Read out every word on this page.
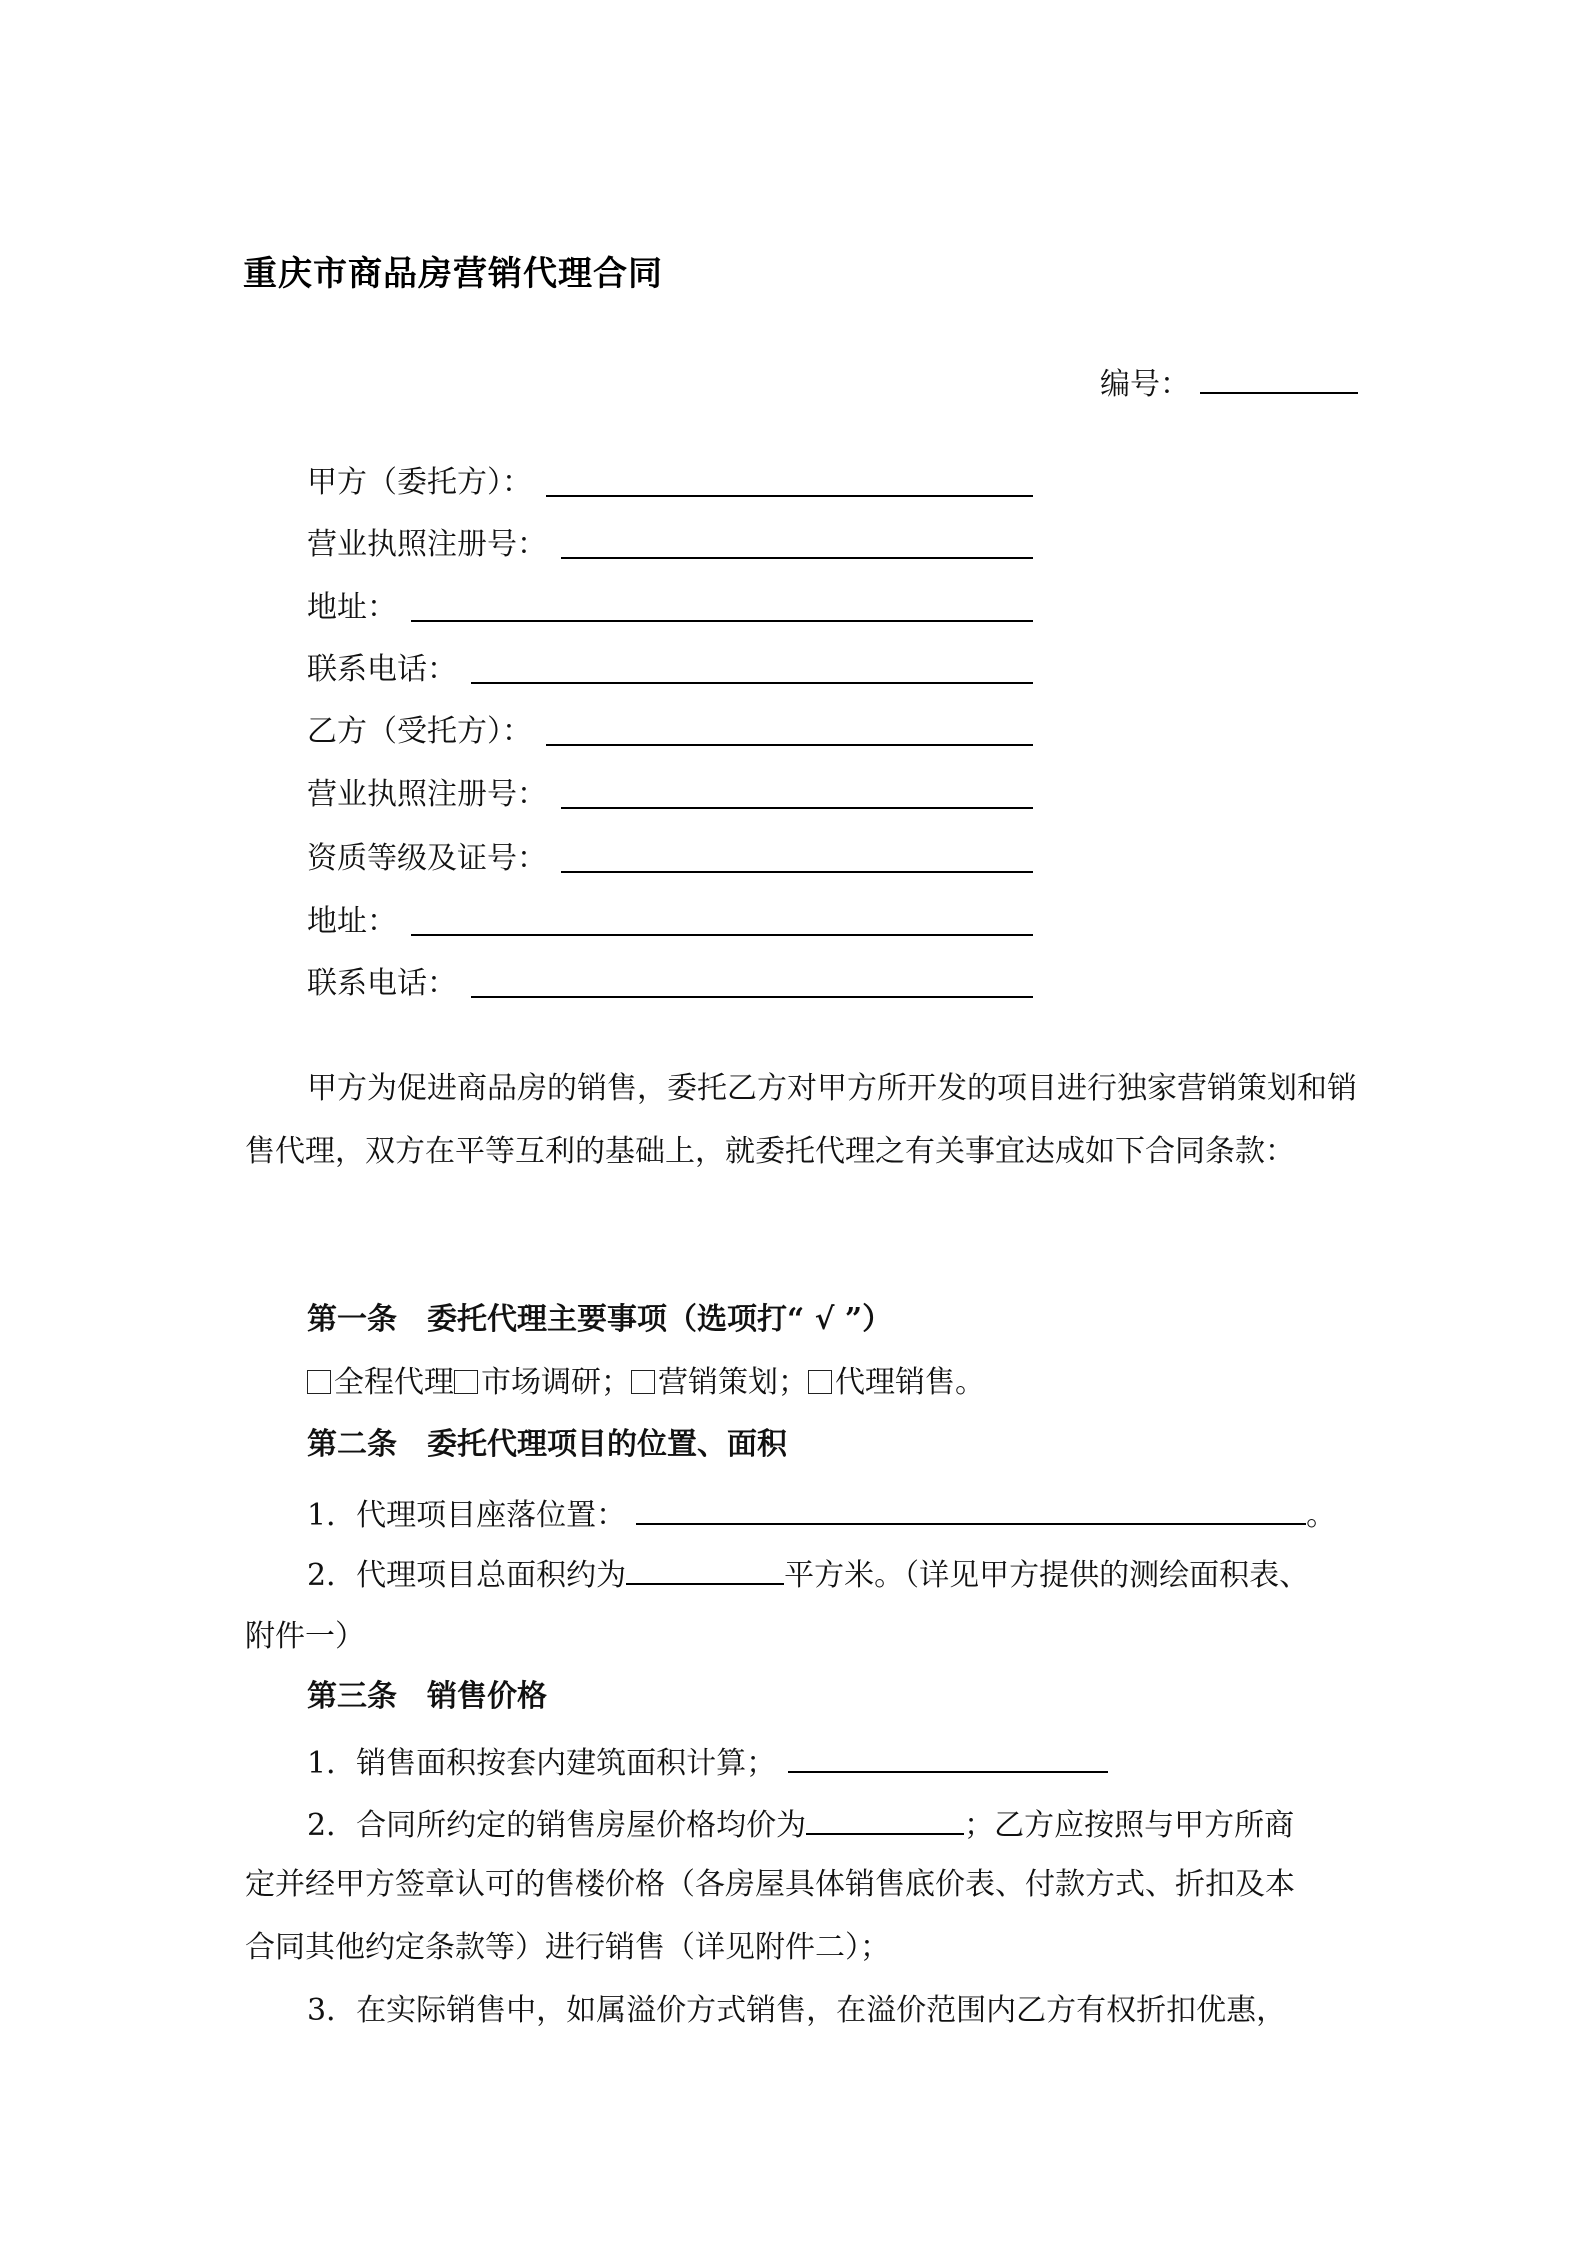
重庆市商品房营销代理合同
编号：
甲方（委托方）：
营业执照注册号：
地址：
联系电话：
乙方（受托方）：
营业执照注册号：
资质等级及证号：
地址：
联系电话：
甲方为促进商品房的销售，委托乙方对甲方所开发的项目进行独家营销策划和销售代理，双方在平等互利的基础上，就委托代理之有关事宜达成如下合同条款：
第一条　委托代理主要事项（选项打“ √ ”）
全程代理 市场调研； 营销策划； 代理销售。
第二条　委托代理项目的位置、面积
1．代理项目座落位置：	。
2．代理项目总面积约为	平方米。（详见甲方提供的测绘面积表、
附件一）
第三条　销售价格
1．销售面积按套内建筑面积计算；
2．合同所约定的销售房屋价格均价为	；乙方应按照与甲方所商
定并经甲方签章认可的售楼价格（各房屋具体销售底价表、付款方式、折扣及本
合同其他约定条款等）进行销售（详见附件二）；
3．在实际销售中，如属溢价方式销售，在溢价范围内乙方有权折扣优惠，
